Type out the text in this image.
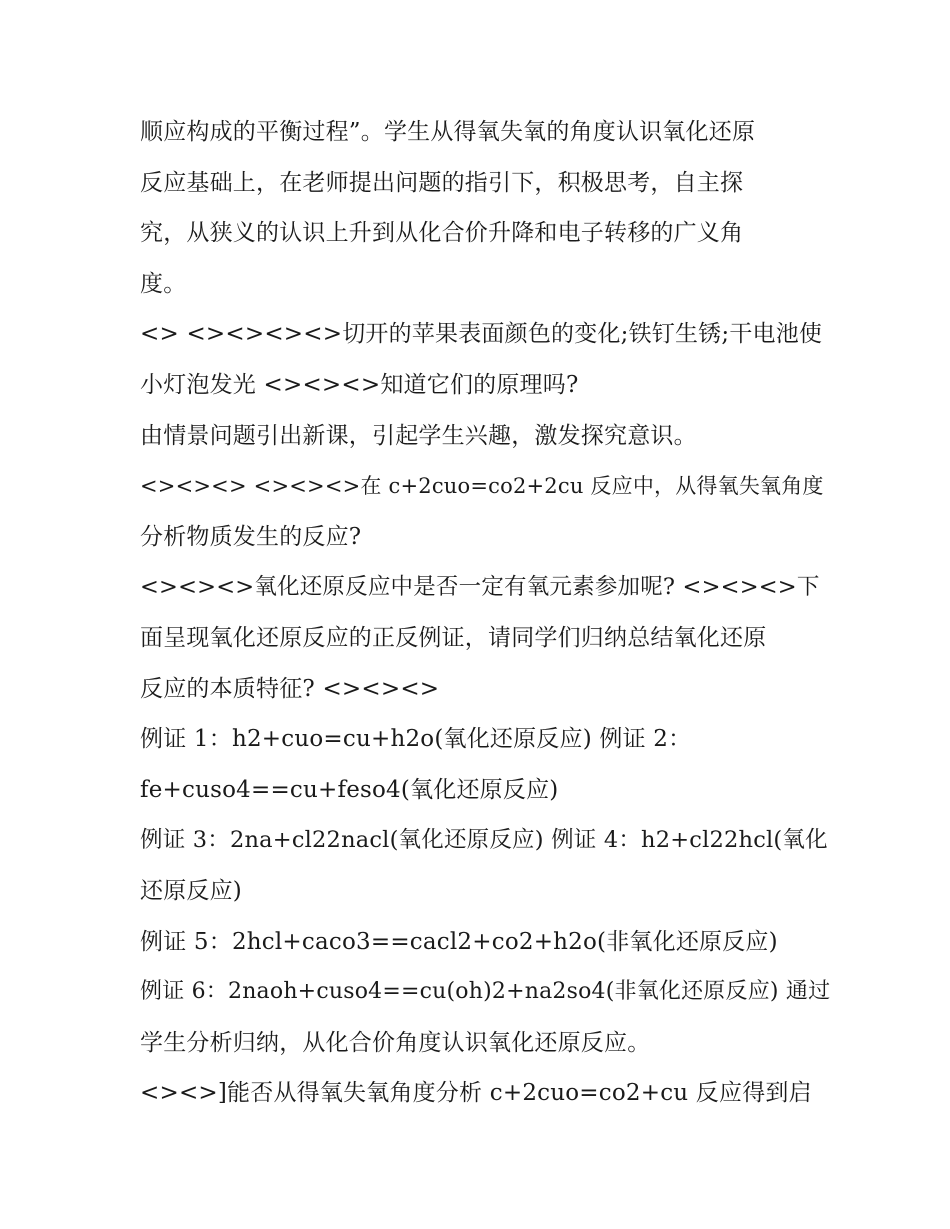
顺应构成的平衡过程”。学生从得氧失氧的角度认识氧化还原
反应基础上，在老师提出问题的指引下，积极思考，自主探
究，从狭义的认识上升到从化合价升降和电子转移的广义角
度。
<> <><><><>切开的苹果表面颜色的变化;铁钉生锈;干电池使
小灯泡发光 <><><>知道它们的原理吗?
由情景问题引出新课，引起学生兴趣，激发探究意识。
<><><> <><><>在 c+2cuo=co2+2cu 反应中，从得氧失氧角度
分析物质发生的反应?
<><><>氧化还原反应中是否一定有氧元素参加呢? <><><>下
面呈现氧化还原反应的正反例证，请同学们归纳总结氧化还原
反应的本质特征? <><><>
例证 1：h2+cuo=cu+h2o(氧化还原反应) 例证 2：
fe+cuso4==cu+feso4(氧化还原反应)
例证 3：2na+cl22nacl(氧化还原反应) 例证 4：h2+cl22hcl(氧化
还原反应)
例证 5：2hcl+caco3==cacl2+co2+h2o(非氧化还原反应)
例证 6：2naoh+cuso4==cu(oh)2+na2so4(非氧化还原反应) 通过
学生分析归纳，从化合价角度认识氧化还原反应。
<><>]能否从得氧失氧角度分析 c+2cuo=co2+cu 反应得到启
